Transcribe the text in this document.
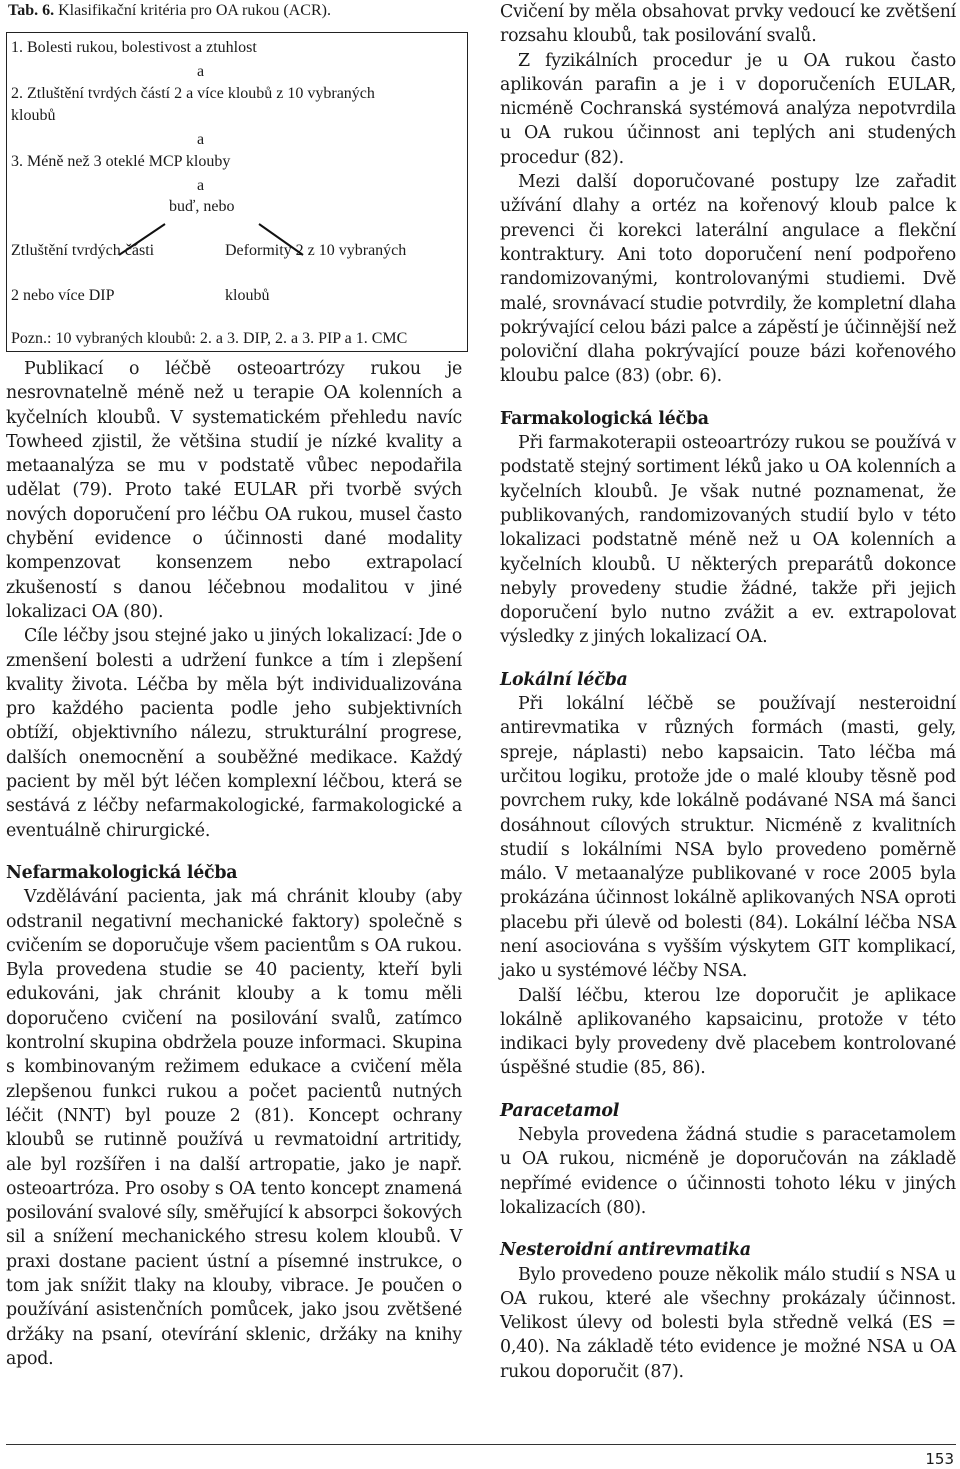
Tab. 6. Klasifikační kritéria pro OA rukou (ACR).
1. Bolesti rukou, bolestivost a ztuhlost
a
2. Ztluštění tvrdých částí 2 a více kloubů z 10 vybraných
kloubů
a
3. Méně než 3 oteklé MCP klouby
a
buď, nebo
Ztluštění tvrdých části
2 nebo více DIP
Deformity 2 z 10 vybraných
kloubů
Pozn.: 10 vybraných kloubů: 2. a 3. DIP, 2. a 3. PIP a 1. CMC

Publikací o léčbě osteoartrózy rukou je nesrovnatelně méně než u terapie OA kolenních a kyčelních kloubů. V systematickém přehledu navíc Towheed zjistil, že většina studií je nízké kvality a metaanalýza se mu v podstatě vůbec nepodařila udělat (79). Proto také EULAR při tvorbě svých nových doporučení pro léčbu OA rukou, musel často chybění evidence o účinnosti dané modality kompenzovat konsenzem nebo extrapolací zkušeností s danou léčebnou modalitou v jiné lokalizaci OA (80).

Cíle léčby jsou stejné jako u jiných lokalizací: Jde o zmenšení bolesti a udržení funkce a tím i zlepšení kvality života. Léčba by měla být individualizována pro každého pacienta podle jeho subjektivních obtíží, objektivního nálezu, strukturální progrese, dalších onemocnění a souběžné medikace. Každý pacient by měl být léčen komplexní léčbou, která se sestává z léčby nefarmakologické, farmakologické a eventuálně chirurgické.

Nefarmakologická léčba

Vzdělávání pacienta, jak má chránit klouby (aby odstranil negativní mechanické faktory) společně s cvičením se doporučuje všem pacientům s OA rukou. Byla provedena studie se 40 pacienty, kteří byli edukováni, jak chránit klouby a k tomu měli doporučeno cvičení na posilování svalů, zatímco kontrolní skupina obdržela pouze informaci. Skupina s kombinovaným režimem edukace a cvičení měla zlepšenou funkci rukou a počet pacientů nutných léčit (NNT) byl pouze 2 (81). Koncept ochrany kloubů se rutinně používá u revmatoidní artritidy, ale byl rozšířen i na další artropatie, jako je např. osteoartróza. Pro osoby s OA tento koncept znamená posilování svalové síly, směřující k absorpci šokových sil a snížení mechanického stresu kolem kloubů. V praxi dostane pacient ústní a písemné instrukce, o tom jak snížit tlaky na klouby, vibrace. Je poučen o používání asistenčních pomůcek, jako jsou zvětšené držáky na psaní, otevírání sklenic, držáky na knihy apod.

Cvičení by měla obsahovat prvky vedoucí ke zvětšení rozsahu kloubů, tak posilování svalů.

Z fyzikálních procedur je u OA rukou často aplikován parafin a je i v doporučeních EULAR, nicméně Cochranská systémová analýza nepotvrdila u OA rukou účinnost ani teplých ani studených procedur (82).

Mezi další doporučované postupy lze zařadit užívání dlahy a ortéz na kořenový kloub palce k prevenci či korekci laterální angulace a flekční kontraktury. Ani toto doporučení není podpořeno randomizovanými, kontrolovanými studiemi. Dvě malé, srovnávací studie potvrdily, že kompletní dlaha pokrývající celou bázi palce a zápěstí je účinnější než poloviční dlaha pokrývající pouze bázi kořenového kloubu palce (83) (obr. 6).

Farmakologická léčba

Při farmakoterapii osteoartrózy rukou se používá v podstatě stejný sortiment léků jako u OA kolenních a kyčelních kloubů. Je však nutné poznamenat, že publikovaných, randomizovaných studií bylo v této lokalizaci podstatně méně než u OA kolenních a kyčelních kloubů. U některých preparátů dokonce nebyly provedeny studie žádné, takže při jejich doporučení bylo nutno zvážit a ev. extrapolovat výsledky z jiných lokalizací OA.

Lokální léčba

Při lokální léčbě se používají nesteroidní antirevmatika v různých formách (masti, gely, spreje, náplasti) nebo kapsaicin. Tato léčba má určitou logiku, protože jde o malé klouby těsně pod povrchem ruky, kde lokálně podávané NSA má šanci dosáhnout cílových struktur. Nicméně z kvalitních studií s lokálními NSA bylo provedeno poměrně málo. V metaanalýze publikované v roce 2005 byla prokázána účinnost lokálně aplikovaných NSA oproti placebu při úlevě od bolesti (84). Lokální léčba NSA není asociována s vyšším výskytem GIT komplikací, jako u systémové léčby NSA.

Další léčbu, kterou lze doporučit je aplikace lokálně aplikovaného kapsaicinu, protože v této indikaci byly provedeny dvě placebem kontrolované úspěšné studie (85, 86).

Paracetamol

Nebyla provedena žádná studie s paracetamolem u OA rukou, nicméně je doporučován na základě nepřímé evidence o účinnosti tohoto léku v jiných lokalizacích (80).

Nesteroidní antirevmatika

Bylo provedeno pouze několik málo studií s NSA u OA rukou, které ale všechny prokázaly účinnost. Velikost úlevy od bolesti byla středně velká (ES = 0,40). Na základě této evidence je možné NSA u OA rukou doporučit (87).

153
